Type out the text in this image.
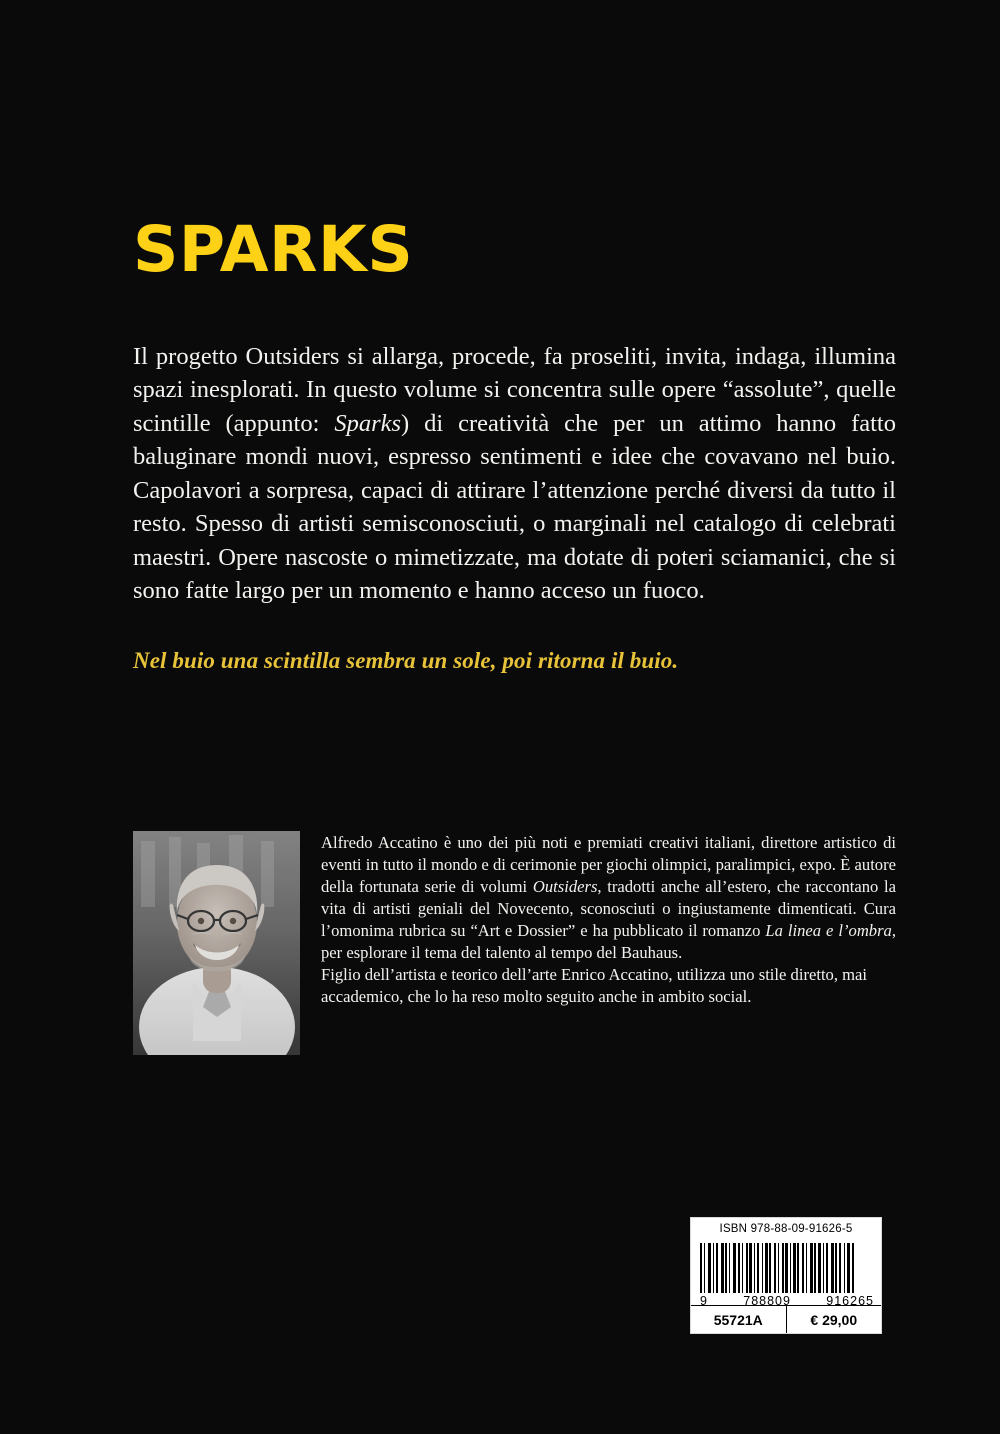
SPARKS
Il progetto Outsiders si allarga, procede, fa proseliti, invita, indaga, illumina spazi inesplorati. In questo volume si concentra sulle opere “assolute”, quelle scintille (appunto: Sparks) di creatività che per un attimo hanno fatto baluginare mondi nuovi, espresso sentimenti e idee che covavano nel buio. Capolavori a sorpresa, capaci di attirare l’attenzione perché diversi da tutto il resto. Spesso di artisti semisconosciuti, o marginali nel catalogo di celebrati maestri. Opere nascoste o mimetizzate, ma dotate di poteri sciamanici, che si sono fatte largo per un momento e hanno acceso un fuoco.
Nel buio una scintilla sembra un sole, poi ritorna il buio.
Alfredo Accatino è uno dei più noti e premiati creativi italiani, direttore artistico di eventi in tutto il mondo e di cerimonie per giochi olimpici, paralimpici, expo. È autore della fortunata serie di volumi Outsiders, tradotti anche all’estero, che raccontano la vita di artisti geniali del Novecento, sconosciuti o ingiustamente dimenticati. Cura l’omonima rubrica su “Art e Dossier” e ha pubblicato il romanzo La linea e l’ombra, per esplorare il tema del talento al tempo del Bauhaus.
Figlio dell’artista e teorico dell’arte Enrico Accatino, utilizza uno stile diretto, mai accademico, che lo ha reso molto seguito anche in ambito social.
ISBN 978-88-09-91626-5
9	788809	916265
55721A	€ 29,00
